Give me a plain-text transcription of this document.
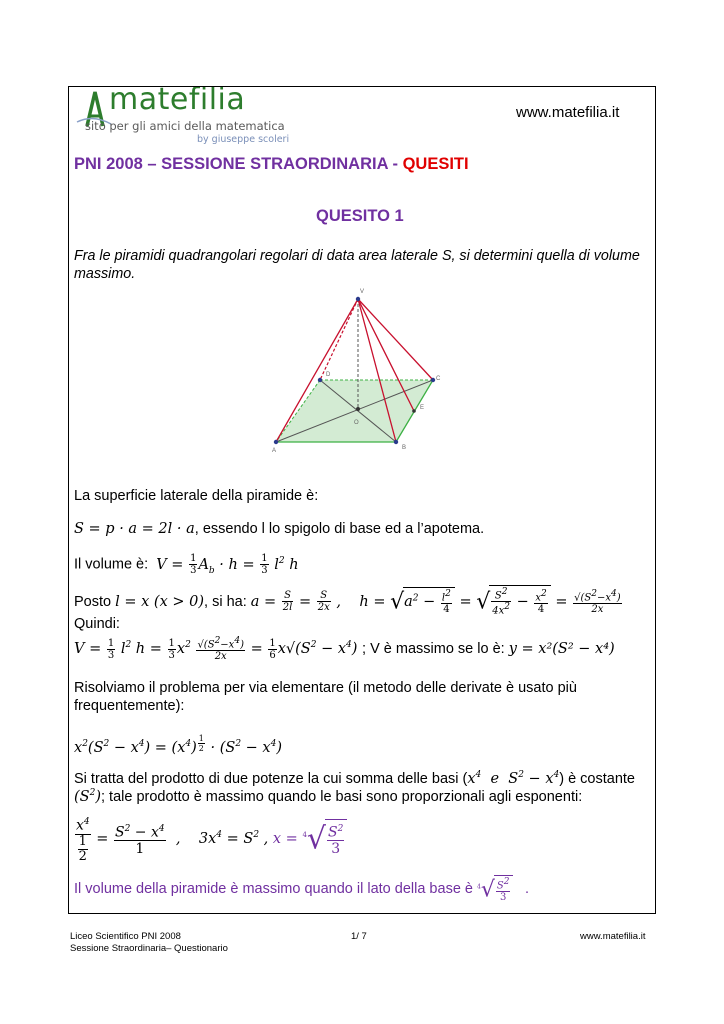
matefilia
sito per gli amici della matematica
by giuseppe scoleri
www.matefilia.it
PNI 2008 – SESSIONE STRAORDINARIA - QUESITI
QUESITO 1
Fra le piramidi quadrangolari regolari di data area laterale S, si determini quella di volume
massimo.
V
D
C
E
O
A	B
La superficie laterale della piramide è:
S = p · a = 2l · a, essendo l lo spigolo di base ed a l’apotema.
Il volume è: $V = \frac{1}{3} A_b \cdot h = \frac{1}{3} l^2$ h
Posto l = x (x > 0), si ha: $a = \frac{S}{2l} = \frac{S}{2x}$ ,    $h = √a^2 - \frac{l^2}{4}$ = √ $\frac{S^2}{4x^2} - \frac{x^2}{4} = \frac{√(S^2-x^4)}{2x}$
Quindi:
$V = \frac{1}{3} l^2$ $h = \frac{1}{3} x^2 \frac{√(S^2-x^4)}{2x} = \frac{1}{6} x√(S^2 - x^4)$ ; V è massimo se lo è: y = x²(S² − x⁴)
Risolviamo il problema per via elementare (il metodo delle derivate è usato più
frequentemente):
$x^2(S^2 - x^4) = (x^4) ^{\frac{1}{2}} \cdot (S^2 - x^4)$
Si tratta del prodotto di due potenze la cui somma delle basi ($x^4$  e  $S^2 - x^4$) è costante
$(S^2)$; tale prodotto è massimo quando le basi sono proporzionali agli esponenti:
$\frac{x^4}{\frac{1}{2}} = \frac{S^2 - x^4}{1}$ ,    $3x^4 = S^2$ , $x = ^4√ \frac{S^2}{3}$
Il volume della piramide è massimo quando il lato della base è $^4√ \frac{S^2}{3}$ .
Liceo Scientifico PNI 2008
Sessione Straordinaria– Questionario
1/ 7	www.matefilia.it
